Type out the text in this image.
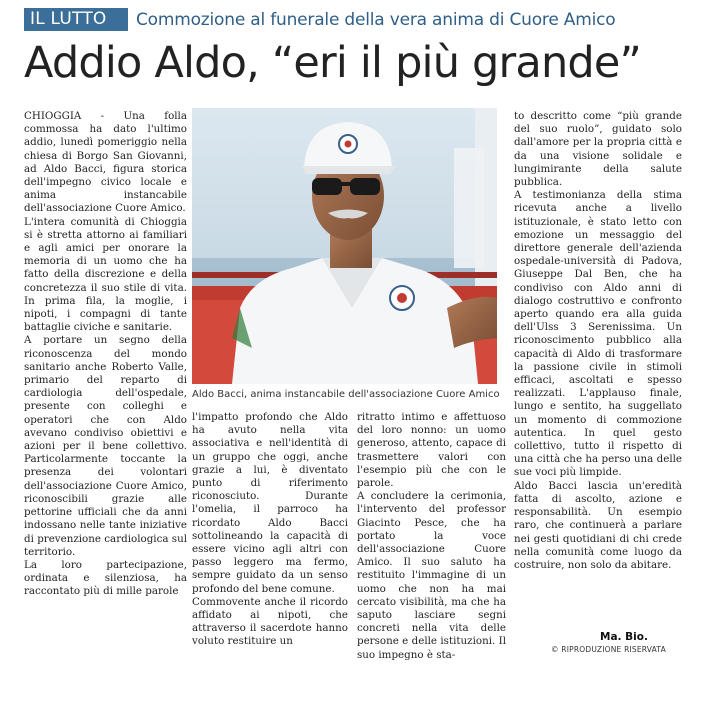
IL LUTTO	Commozione al funerale della vera anima di Cuore Amico
Addio Aldo, “eri il più grande”

CHIOGGIA - Una folla commossa ha dato l'ultimo addio, lunedì pomeriggio nella chiesa di Borgo San Giovanni, ad Aldo Bacci, figura storica dell'impegno civico locale e anima instancabile dell'associazione Cuore Amico.

L'intera comunità di Chioggia si è stretta attorno ai familiari e agli amici per onorare la memoria di un uomo che ha fatto della discrezione e della concretezza il suo stile di vita. In prima fila, la moglie, i nipoti, i compagni di tante battaglie civiche e sanitarie.

A portare un segno della riconoscenza del mondo sanitario anche Roberto Valle, primario del reparto di cardiologia dell'ospedale, presente con colleghi e operatori che con Aldo avevano condiviso obiettivi e azioni per il bene collettivo. Particolarmente toccante la presenza dei volontari dell'associazione Cuore Amico, riconoscibili grazie alle pettorine ufficiali che da anni indossano nelle tante iniziative di prevenzione cardiologica sul territorio.

La loro partecipazione, ordinata e silenziosa, ha raccontato più di mille parole

Aldo Bacci, anima instancabile dell'associazione Cuore Amico

l'impatto profondo che Aldo ha avuto nella vita associativa e nell'identità di un gruppo che oggi, anche grazie a lui, è diventato punto di riferimento riconosciuto. Durante l'omelia, il parroco ha ricordato Aldo Bacci sottolineando la capacità di essere vicino agli altri con passo leggero ma fermo, sempre guidato da un senso profondo del bene comune.

Commovente anche il ricordo affidato ai nipoti, che attraverso il sacerdote hanno voluto restituire un

ritratto intimo e affettuoso del loro nonno: un uomo generoso, attento, capace di trasmettere valori con l'esempio più che con le parole.

A concludere la cerimonia, l'intervento del professor Giacinto Pesce, che ha portato la voce dell'associazione Cuore Amico. Il suo saluto ha restituito l'immagine di un uomo che non ha mai cercato visibilità, ma che ha saputo lasciare segni concreti nella vita delle persone e delle istituzioni. Il suo impegno è sta-

to descritto come “più grande del suo ruolo”, guidato solo dall'amore per la propria città e da una visione solidale e lungimirante della salute pubblica.

A testimonianza della stima ricevuta anche a livello istituzionale, è stato letto con emozione un messaggio del direttore generale dell'azienda ospedale-università di Padova, Giuseppe Dal Ben, che ha condiviso con Aldo anni di dialogo costruttivo e confronto aperto quando era alla guida dell'Ulss 3 Serenissima. Un riconoscimento pubblico alla capacità di Aldo di trasformare la passione civile in stimoli efficaci, ascoltati e spesso realizzati. L'applauso finale, lungo e sentito, ha suggellato un momento di commozione autentica. In quel gesto collettivo, tutto il rispetto di una città che ha perso una delle sue voci più limpide.

Aldo Bacci lascia un'eredità fatta di ascolto, azione e responsabilità. Un esempio raro, che continuerà a parlare nei gesti quotidiani di chi crede nella comunità come luogo da costruire, non solo da abitare.

Ma. Bio.
© RIPRODUZIONE RISERVATA
